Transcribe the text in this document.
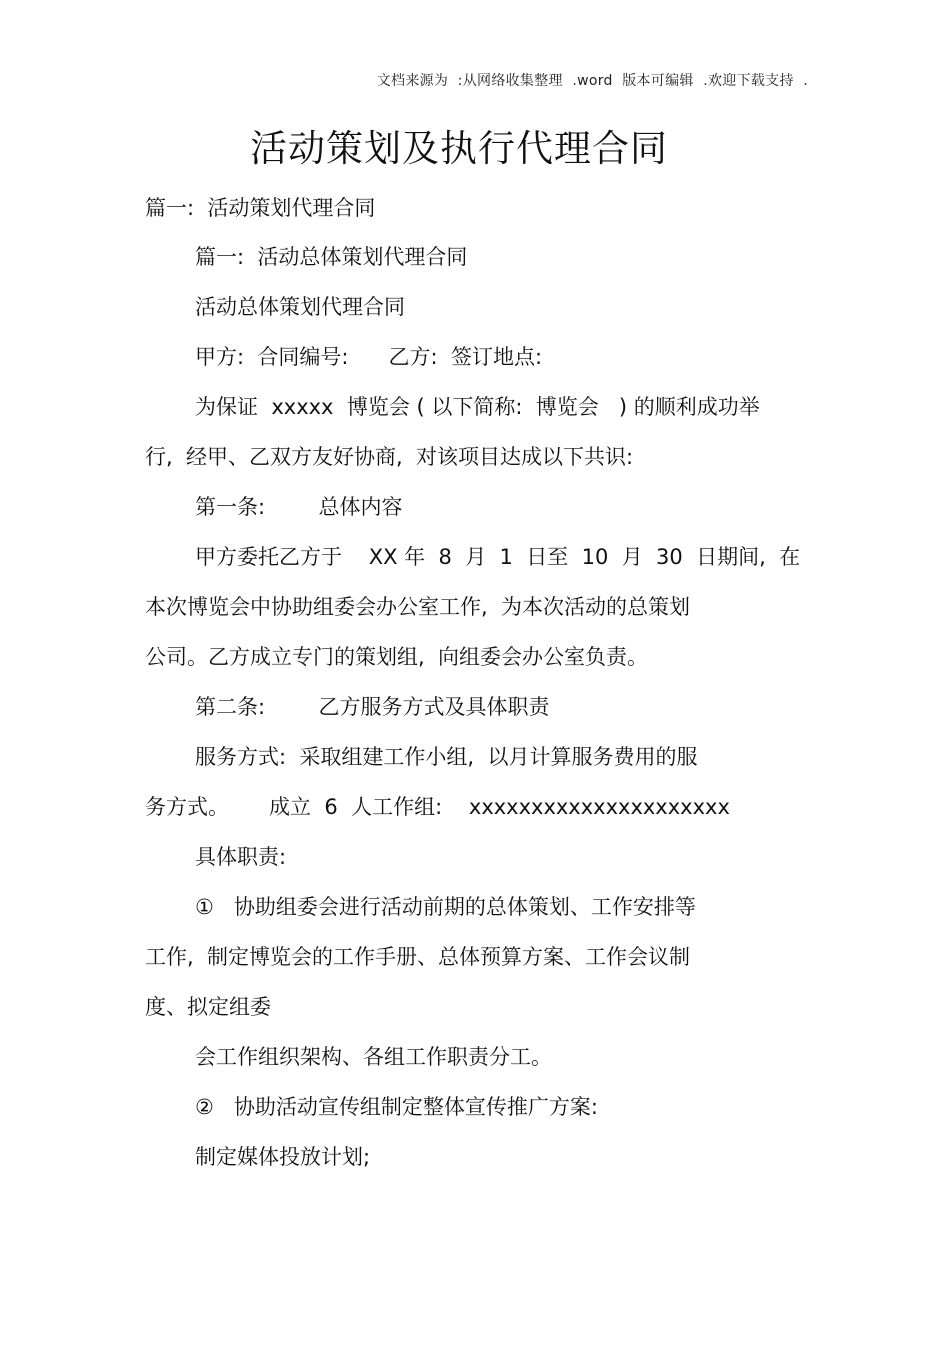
文档来源为  :从网络收集整理  .word  版本可编辑  .欢迎下载支持  .
活动策划及执行代理合同
篇一:  活动策划代理合同
篇一:  活动总体策划代理合同
活动总体策划代理合同
甲方:  合同编号:      乙方:  签订地点:
为保证  xxxxx  博览会 ( 以下简称:  博览会   ) 的顺利成功举
行,  经甲、乙双方友好协商,  对该项目达成以下共识:
第一条:        总体内容
甲方委托乙方于    XX 年  8  月  1  日至  10  月  30  日期间,  在
本次博览会中协助组委会办公室工作,  为本次活动的总策划
公司。乙方成立专门的策划组,  向组委会办公室负责。
第二条:        乙方服务方式及具体职责
服务方式:  采取组建工作小组,  以月计算服务费用的服
务方式。      成立  6  人工作组:    xxxxxxxxxxxxxxxxxxxxx
具体职责:
①   协助组委会进行活动前期的总体策划、工作安排等
工作,  制定博览会的工作手册、总体预算方案、工作会议制
度、拟定组委
会工作组织架构、各组工作职责分工。
②   协助活动宣传组制定整体宣传推广方案:
制定媒体投放计划;
